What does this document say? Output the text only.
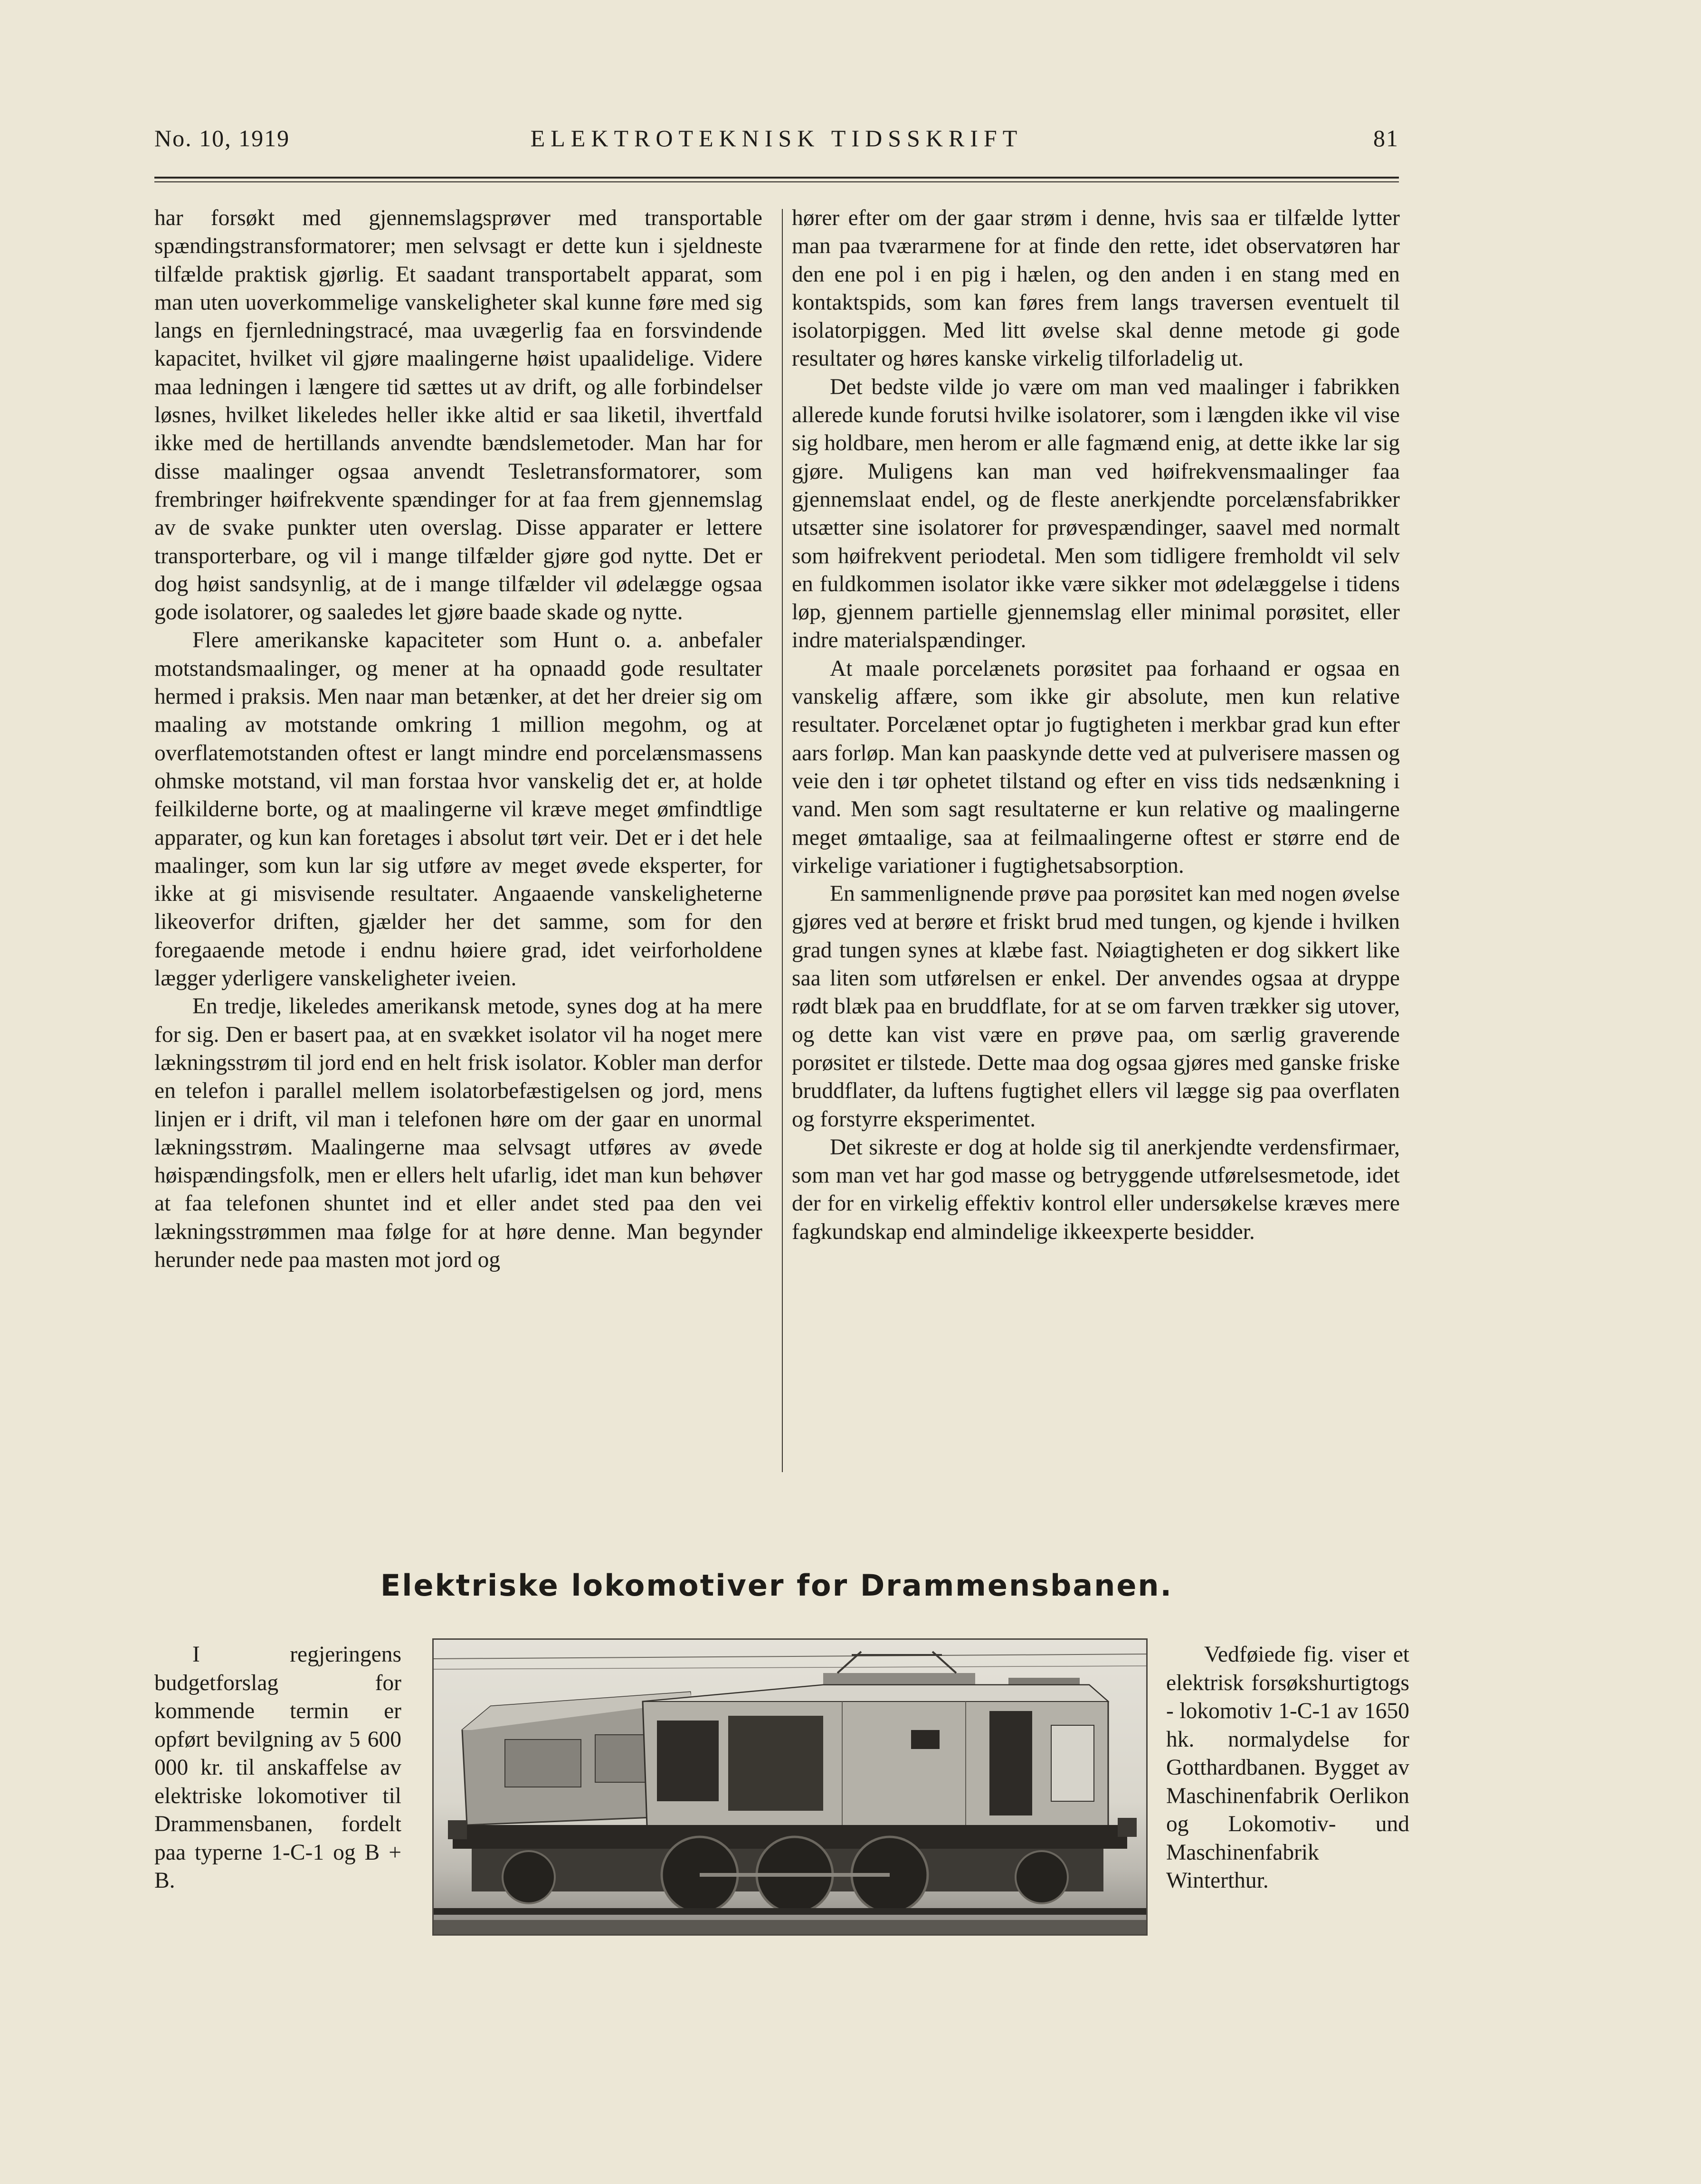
No. 10, 1919	ELEKTROTEKNISK TIDSSKRIFT	81

har forsøkt med gjennemslagsprøver med transportable spændingstransformatorer; men selvsagt er dette kun i sjeldneste tilfælde praktisk gjørlig. Et saadant transportabelt apparat, som man uten uoverkommelige vanskeligheter skal kunne føre med sig langs en fjernledningstracé, maa uvægerlig faa en forsvindende kapacitet, hvilket vil gjøre maalingerne høist upaalidelige. Videre maa ledningen i længere tid sættes ut av drift, og alle forbindelser løsnes, hvilket likeledes heller ikke altid er saa liketil, ihvertfald ikke med de hertillands anvendte bændslemetoder. Man har for disse maalinger ogsaa anvendt Tesletransformatorer, som frembringer høifrekvente spændinger for at faa frem gjennemslag av de svake punkter uten overslag. Disse apparater er lettere transporterbare, og vil i mange tilfælder gjøre god nytte. Det er dog høist sandsynlig, at de i mange tilfælder vil ødelægge ogsaa gode isolatorer, og saaledes let gjøre baade skade og nytte.

Flere amerikanske kapaciteter som Hunt o. a. anbefaler motstandsmaalinger, og mener at ha opnaadd gode resultater hermed i praksis. Men naar man betænker, at det her dreier sig om maaling av motstande omkring 1 million megohm, og at overflatemotstanden oftest er langt mindre end porcelænsmassens ohmske motstand, vil man forstaa hvor vanskelig det er, at holde feilkilderne borte, og at maalingerne vil kræve meget ømfindtlige apparater, og kun kan foretages i absolut tørt veir. Det er i det hele maalinger, som kun lar sig utføre av meget øvede eksperter, for ikke at gi misvisende resultater. Angaaende vanskeligheterne likeoverfor driften, gjælder her det samme, som for den foregaaende metode i endnu høiere grad, idet veirforholdene lægger yderligere vanskeligheter iveien.

En tredje, likeledes amerikansk metode, synes dog at ha mere for sig. Den er basert paa, at en svækket isolator vil ha noget mere lækningsstrøm til jord end en helt frisk isolator. Kobler man derfor en telefon i parallel mellem isolatorbefæstigelsen og jord, mens linjen er i drift, vil man i telefonen høre om der gaar en unormal lækningsstrøm. Maalingerne maa selvsagt utføres av øvede høispændingsfolk, men er ellers helt ufarlig, idet man kun behøver at faa telefonen shuntet ind et eller andet sted paa den vei lækningsstrømmen maa følge for at høre denne. Man begynder herunder nede paa masten mot jord og

hører efter om der gaar strøm i denne, hvis saa er tilfælde lytter man paa tværarmene for at finde den rette, idet observatøren har den ene pol i en pig i hælen, og den anden i en stang med en kontaktspids, som kan føres frem langs traversen eventuelt til isolatorpiggen. Med litt øvelse skal denne metode gi gode resultater og høres kanske virkelig tilforladelig ut.

Det bedste vilde jo være om man ved maalinger i fabrikken allerede kunde forutsi hvilke isolatorer, som i længden ikke vil vise sig holdbare, men herom er alle fagmænd enig, at dette ikke lar sig gjøre. Muligens kan man ved høifrekvensmaalinger faa gjennemslaat endel, og de fleste anerkjendte porcelænsfabrikker utsætter sine isolatorer for prøvespændinger, saavel med normalt som høifrekvent periodetal. Men som tidligere fremholdt vil selv en fuldkommen isolator ikke være sikker mot ødelæggelse i tidens løp, gjennem partielle gjennemslag eller minimal porøsitet, eller indre materialspændinger.

At maale porcelænets porøsitet paa forhaand er ogsaa en vanskelig affære, som ikke gir absolute, men kun relative resultater. Porcelænet optar jo fugtigheten i merkbar grad kun efter aars forløp. Man kan paaskynde dette ved at pulverisere massen og veie den i tør ophetet tilstand og efter en viss tids nedsænkning i vand. Men som sagt resultaterne er kun relative og maalingerne meget ømtaalige, saa at feilmaalingerne oftest er større end de virkelige variationer i fugtighetsabsorption.

En sammenlignende prøve paa porøsitet kan med nogen øvelse gjøres ved at berøre et friskt brud med tungen, og kjende i hvilken grad tungen synes at klæbe fast. Nøiagtigheten er dog sikkert like saa liten som utførelsen er enkel. Der anvendes ogsaa at dryppe rødt blæk paa en bruddflate, for at se om farven trækker sig utover, og dette kan vist være en prøve paa, om særlig graverende porøsitet er tilstede. Dette maa dog ogsaa gjøres med ganske friske bruddflater, da luftens fugtighet ellers vil lægge sig paa overflaten og forstyrre eksperimentet.

Det sikreste er dog at holde sig til anerkjendte verdensfirmaer, som man vet har god masse og betryggende utførelsesmetode, idet der for en virkelig effektiv kontrol eller undersøkelse kræves mere fagkundskap end almindelige ikkeexperte besidder.

Elektriske lokomotiver for Drammensbanen.

I regjeringens budgetforslag for kommende termin er opført bevilgning av 5 600 000 kr. til anskaffelse av elektriske lokomotiver til Drammensbanen, fordelt paa typerne 1-C-1 og B + B.

Vedføiede fig. viser et elektrisk forsøkshurtigtogs - lokomotiv 1-C-1 av 1650 hk. normalydelse for Gotthardbanen. Bygget av Maschinenfabrik Oerlikon og Lokomotiv- und Maschinenfabrik Winterthur.
